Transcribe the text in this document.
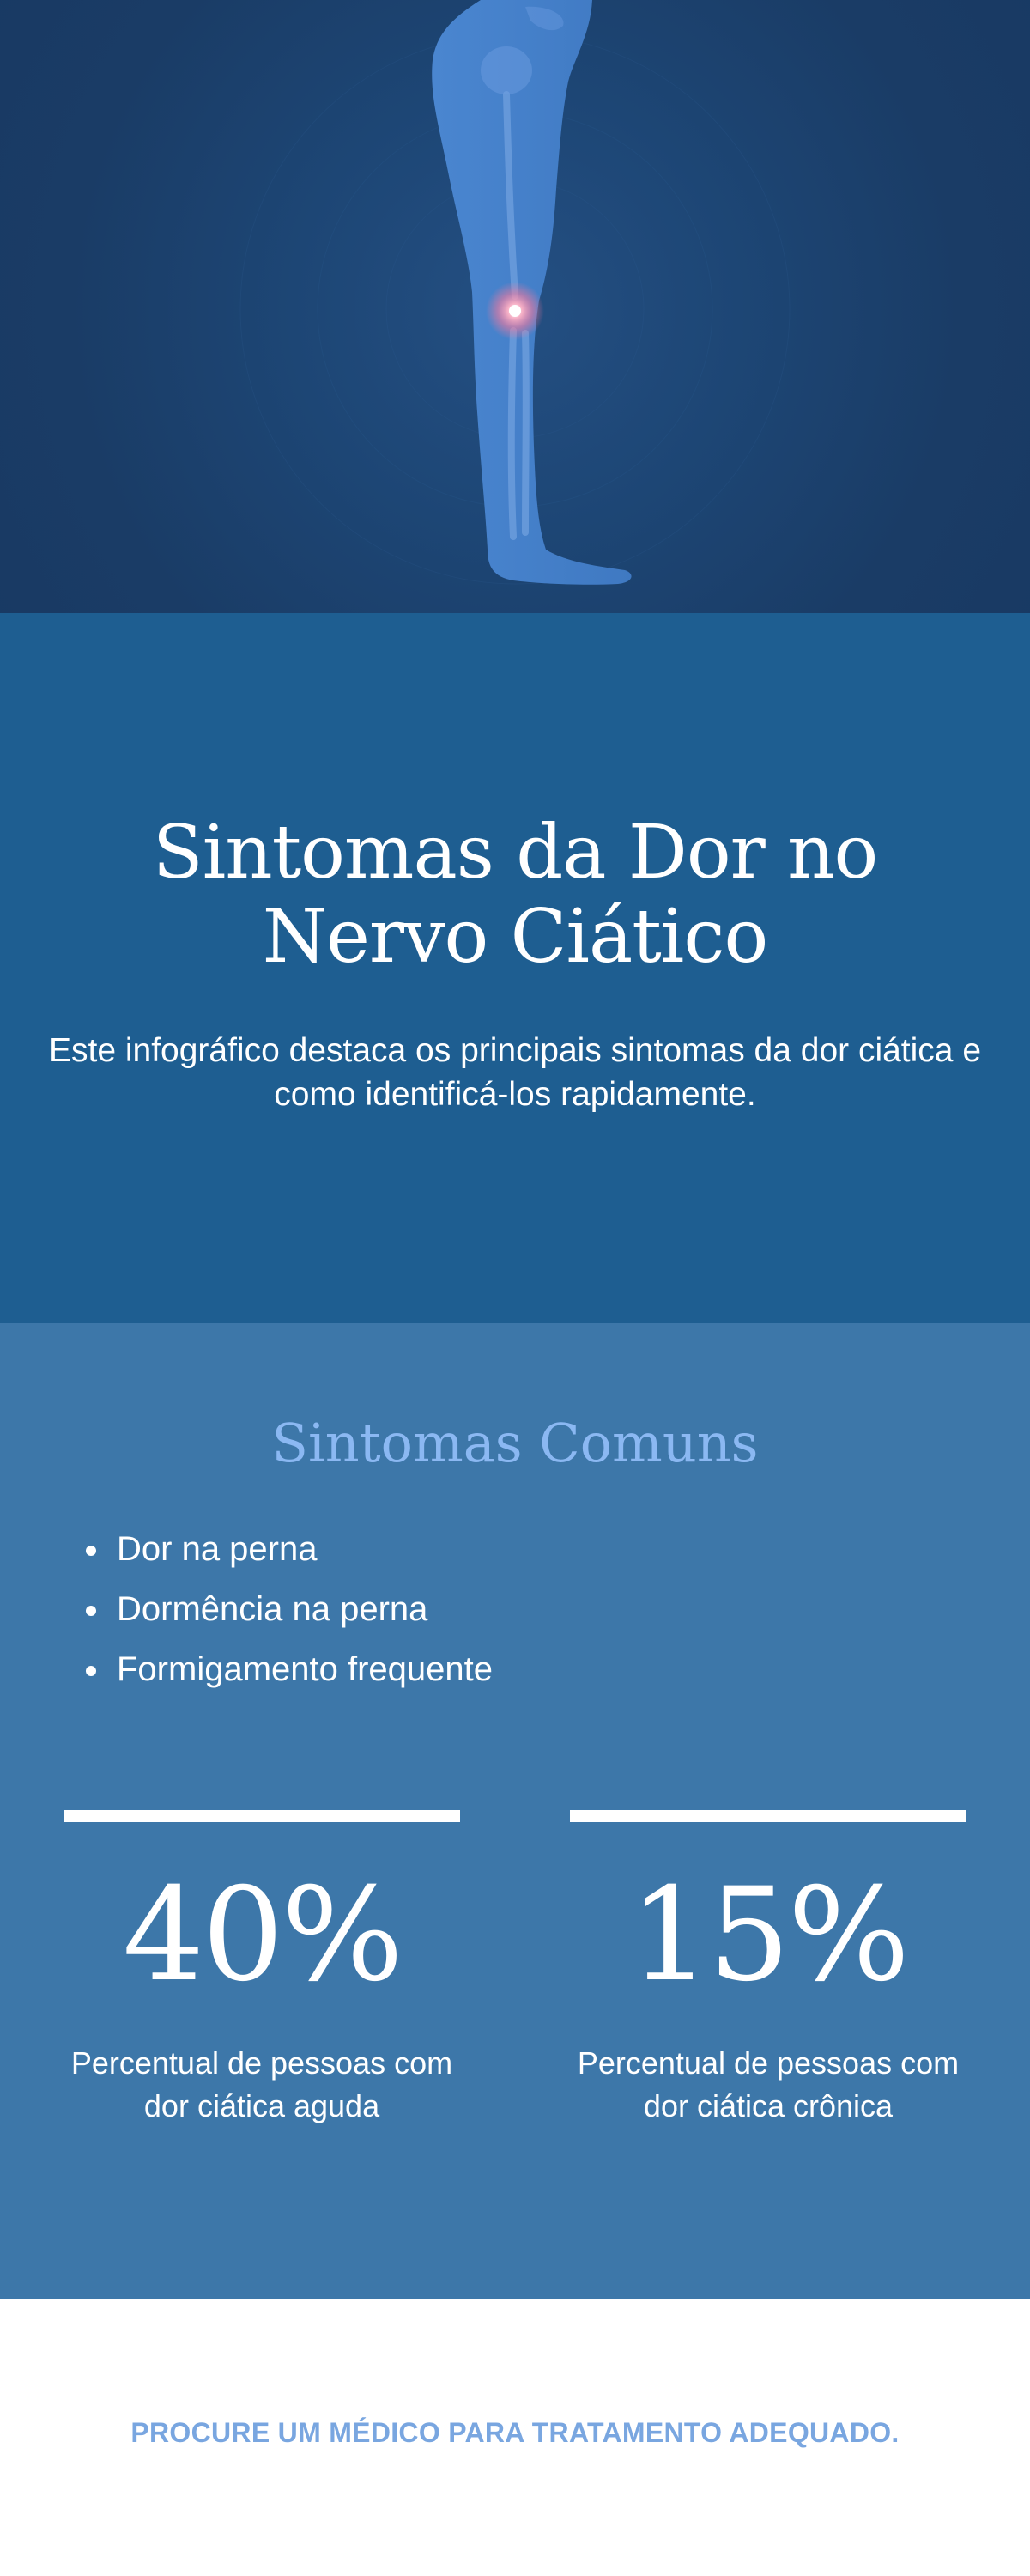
Sintomas da Dor no Nervo Ciático

Este infográfico destaca os principais sintomas da dor ciática e como identificá-los rapidamente.

Sintomas Comuns
Dor na perna
Dormência na perna
Formigamento frequente
40%
Percentual de pessoas com dor ciática aguda
15%
Percentual de pessoas com dor ciática crônica
PROCURE UM MÉDICO PARA TRATAMENTO ADEQUADO.
